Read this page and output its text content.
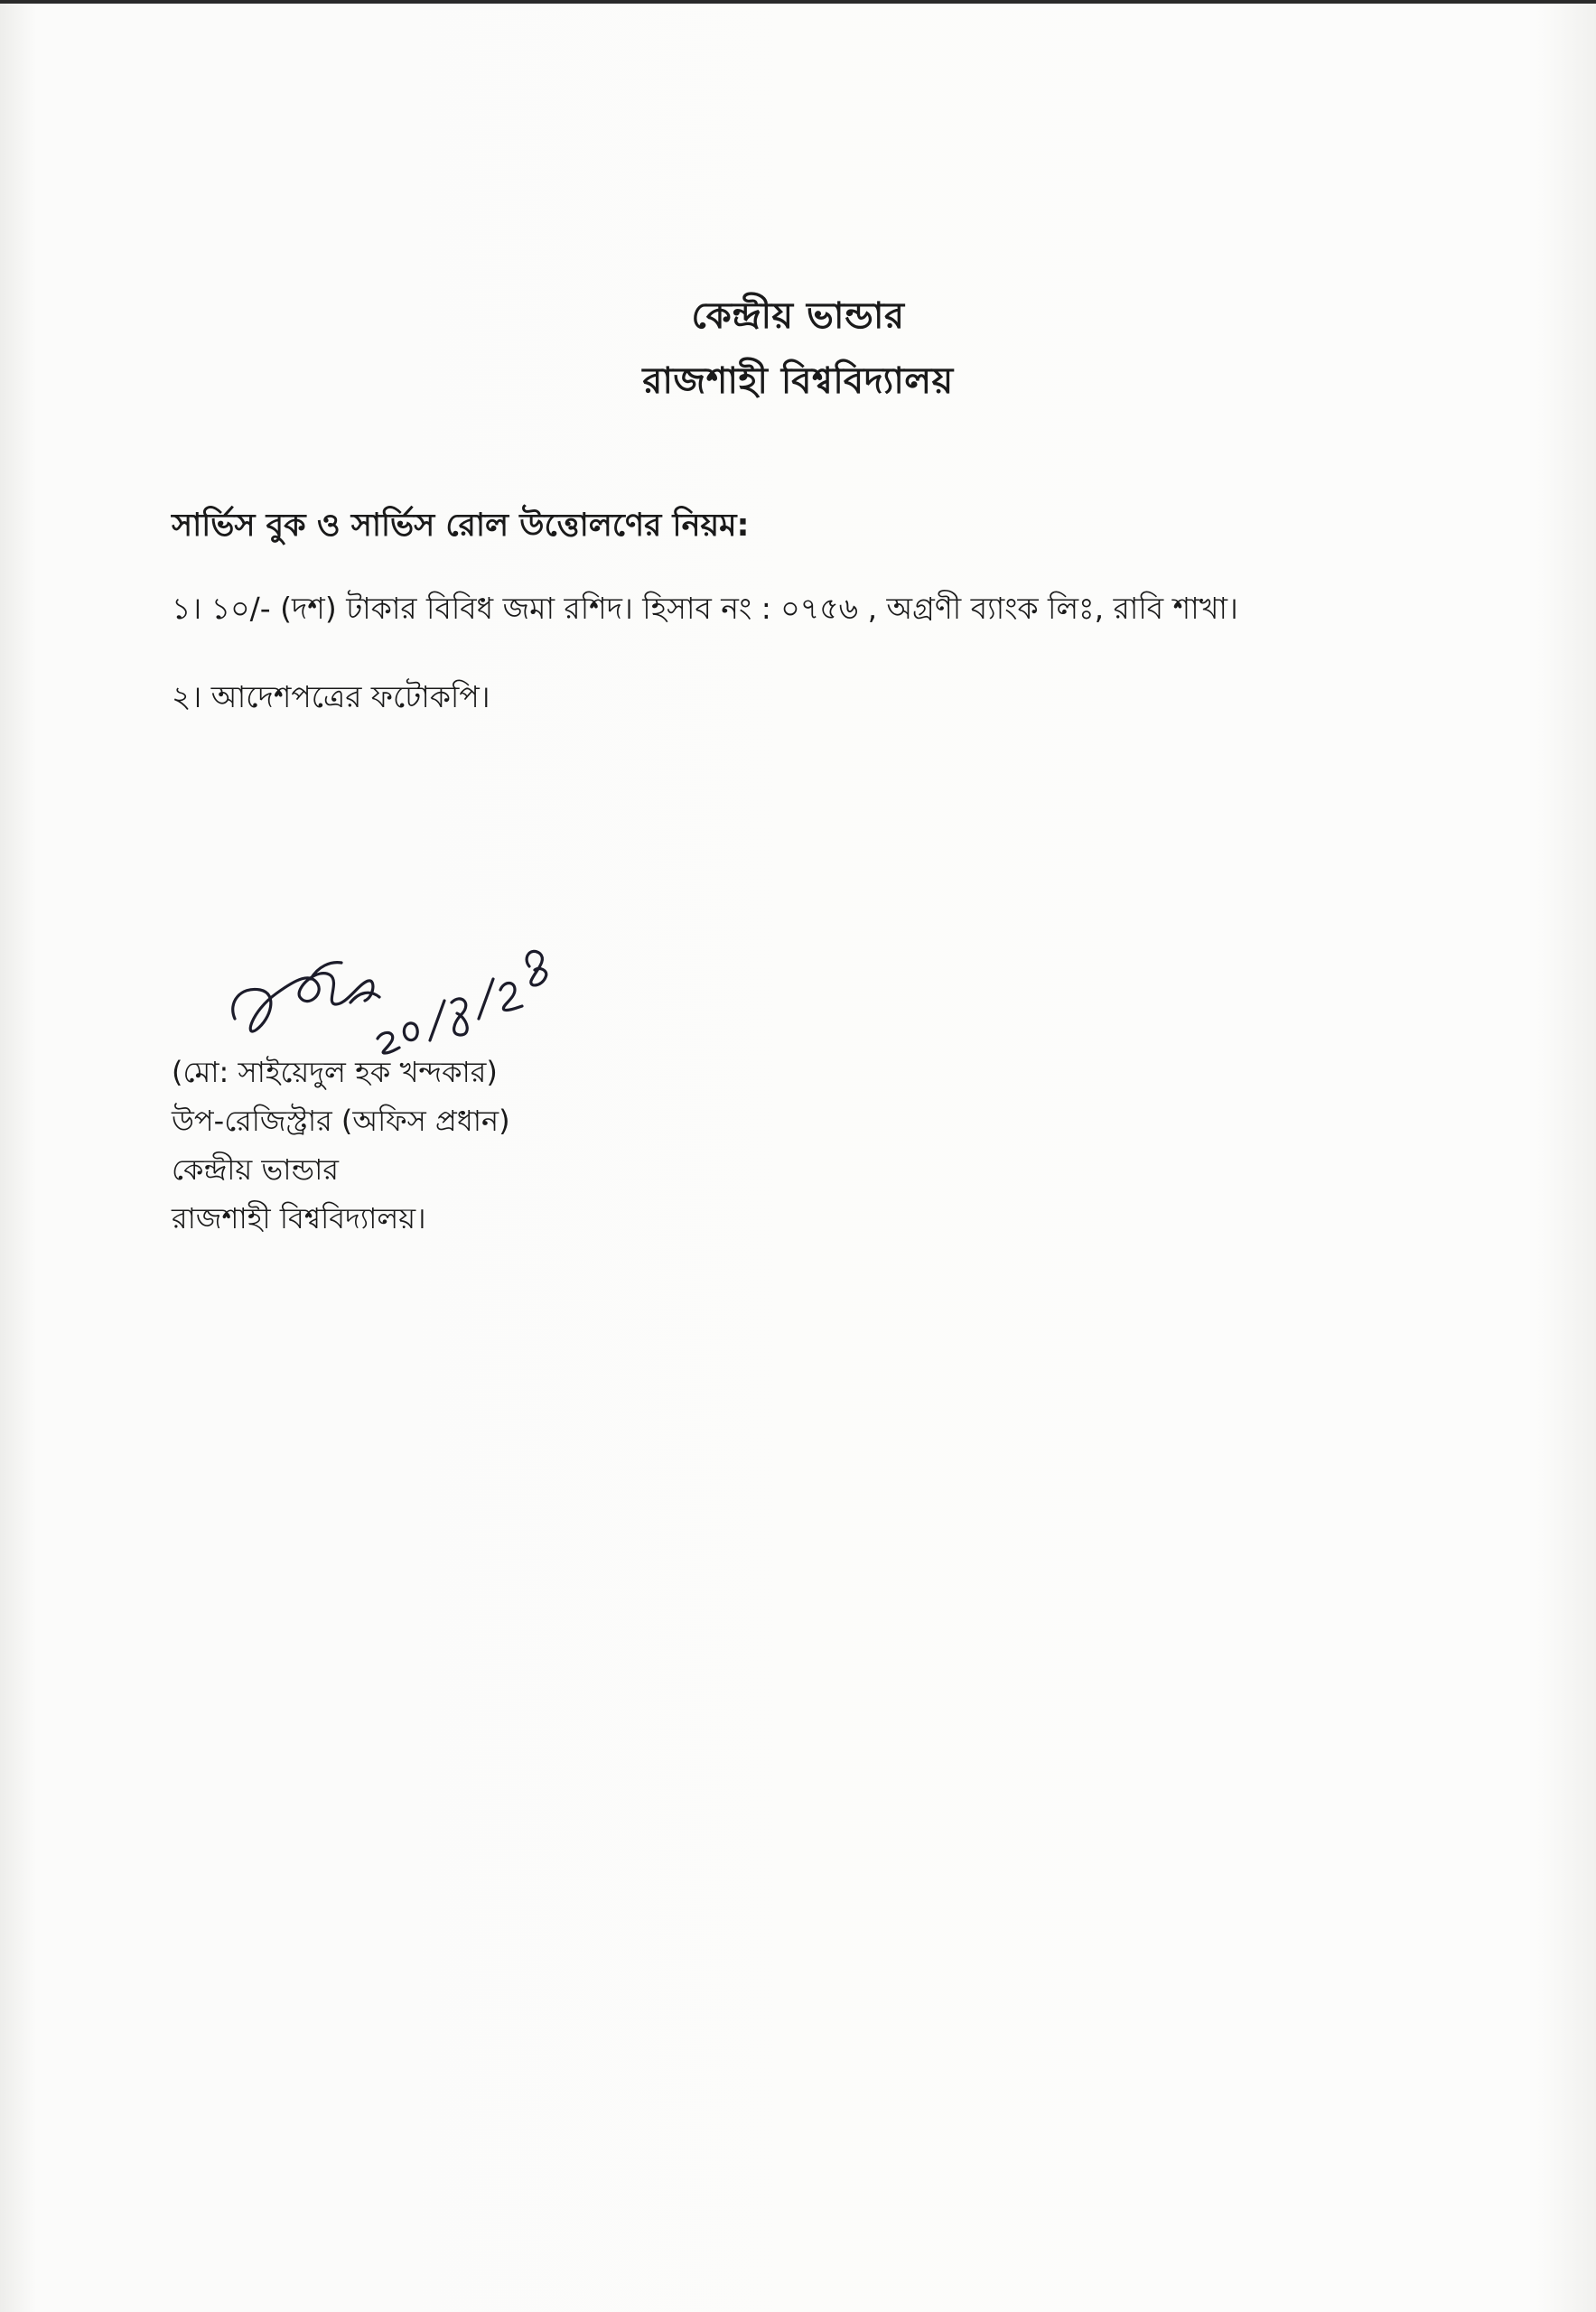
কেন্দ্রীয় ভান্ডার
রাজশাহী বিশ্ববিদ্যালয়
সার্ভিস বুক ও সার্ভিস রোল উত্তোলণের নিয়ম:
১। ১০/- (দশ) টাকার বিবিধ জমা রশিদ। হিসাব নং : ০৭৫৬ , অগ্রণী ব্যাংক লিঃ, রাবি শাখা।
২। আদেশপত্রের ফটোকপি।
(মো: সাইয়েদুল হক খন্দকার)
উপ-রেজিস্ট্রার (অফিস প্রধান)
কেন্দ্রীয় ভান্ডার
রাজশাহী বিশ্ববিদ্যালয়।
